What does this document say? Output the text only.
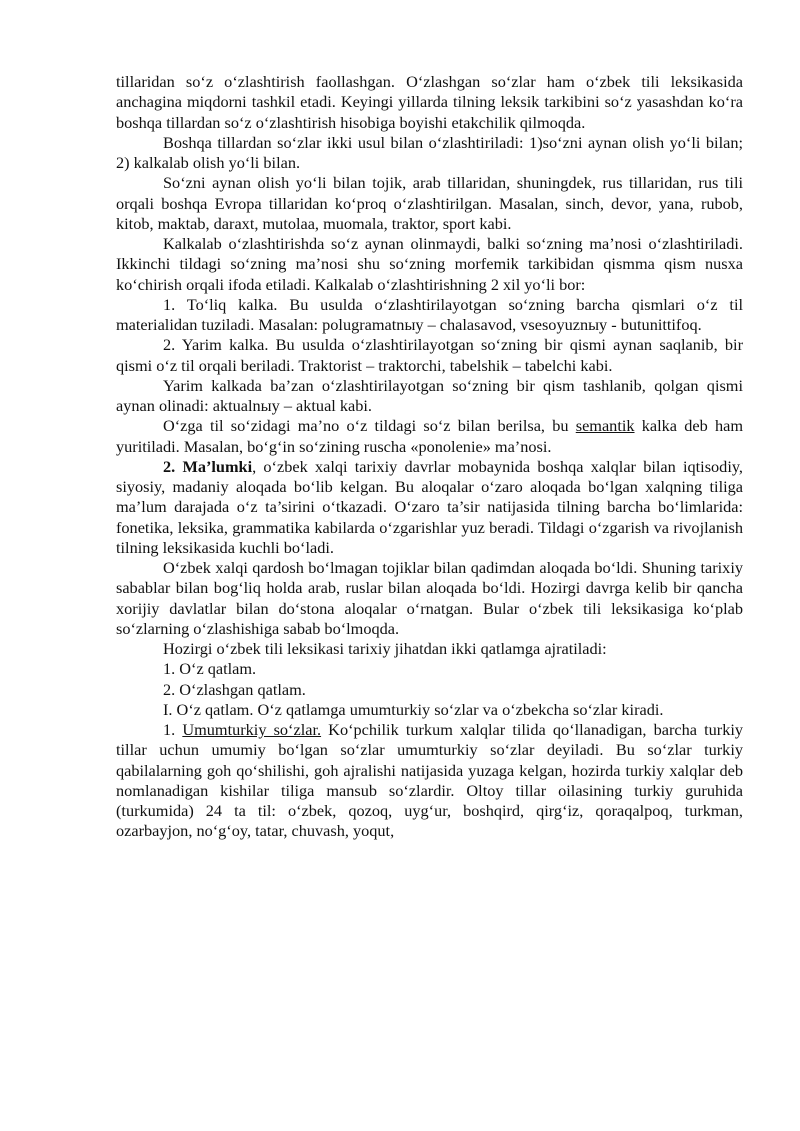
tillaridan so‘z o‘zlashtirish faollashgan. O‘zlashgan so‘zlar ham o‘zbek tili leksikasida anchagina miqdorni tashkil etadi. Keyingi yillarda tilning leksik tarkibini so‘z yasashdan ko‘ra boshqa tillardan so‘z o‘zlashtirish hisobiga boyishi etakchilik qilmoqda.

Boshqa tillardan so‘zlar ikki usul bilan o‘zlashtiriladi: 1)so‘zni aynan olish yo‘li bilan; 2) kalkalab olish yo‘li bilan.

So‘zni aynan olish yo‘li bilan tojik, arab tillaridan, shuningdek, rus tillaridan, rus tili orqali boshqa Evropa tillaridan ko‘proq o‘zlashtirilgan. Masalan, sinch, devor, yana, rubob, kitob, maktab, daraxt, mutolaa, muomala, traktor, sport kabi.

Kalkalab o‘zlashtirishda so‘z aynan olinmaydi, balki so‘zning ma’nosi o‘zlashtiriladi. Ikkinchi tildagi so‘zning ma’nosi shu so‘zning morfemik tarkibidan qismma qism nusxa ko‘chirish orqali ifoda etiladi. Kalkalab o‘zlashtirishning 2 xil yo‘li bor:

1. To‘liq kalka. Bu usulda o‘zlashtirilayotgan so‘zning barcha qismlari o‘z til materialidan tuziladi. Masalan: polugramatnыy – chalasavod, vsesoyuznыy - butunittifoq.

2. Yarim kalka. Bu usulda o‘zlashtirilayotgan so‘zning bir qismi aynan saqlanib, bir qismi o‘z til orqali beriladi. Traktorist – traktorchi, tabelshik – tabelchi kabi.

Yarim kalkada ba’zan o‘zlashtirilayotgan so‘zning bir qism tashlanib, qolgan qismi aynan olinadi: aktualnыy – aktual kabi.

O‘zga til so‘zidagi ma’no o‘z tildagi so‘z bilan berilsa, bu semantik kalka deb ham yuritiladi. Masalan, bo‘g‘in so‘zining ruscha «ponolenie» ma’nosi.

2. Ma’lumki, o‘zbek xalqi tarixiy davrlar mobaynida boshqa xalqlar bilan iqtisodiy, siyosiy, madaniy aloqada bo‘lib kelgan. Bu aloqalar o‘zaro aloqada bo‘lgan xalqning tiliga ma’lum darajada o‘z ta’sirini o‘tkazadi. O‘zaro ta’sir natijasida tilning barcha bo‘limlarida: fonetika, leksika, grammatika kabilarda o‘zgarishlar yuz beradi. Tildagi o‘zgarish va rivojlanish tilning leksikasida kuchli bo‘ladi.

O‘zbek xalqi qardosh bo‘lmagan tojiklar bilan qadimdan aloqada bo‘ldi. Shuning tarixiy sabablar bilan bog‘liq holda arab, ruslar bilan aloqada bo‘ldi. Hozirgi davrga kelib bir qancha xorijiy davlatlar bilan do‘stona aloqalar o‘rnatgan. Bular o‘zbek tili leksikasiga ko‘plab so‘zlarning o‘zlashishiga sabab bo‘lmoqda.

Hozirgi o‘zbek tili leksikasi tarixiy jihatdan ikki qatlamga ajratiladi:

1. O‘z qatlam.

2. O‘zlashgan qatlam.

I. O‘z qatlam. O‘z qatlamga umumturkiy so‘zlar va o‘zbekcha so‘zlar kiradi.

1. Umumturkiy so‘zlar. Ko‘pchilik turkum xalqlar tilida qo‘llanadigan, barcha turkiy tillar uchun umumiy bo‘lgan so‘zlar umumturkiy so‘zlar deyiladi. Bu so‘zlar turkiy qabilalarning goh qo‘shilishi, goh ajralishi natijasida yuzaga kelgan, hozirda turkiy xalqlar deb nomlanadigan kishilar tiliga mansub so‘zlardir. Oltoy tillar oilasining turkiy guruhida (turkumida) 24 ta til: o‘zbek, qozoq, uyg‘ur, boshqird, qirg‘iz, qoraqalpoq, turkman, ozarbayjon, no‘g‘oy, tatar, chuvash, yoqut,
